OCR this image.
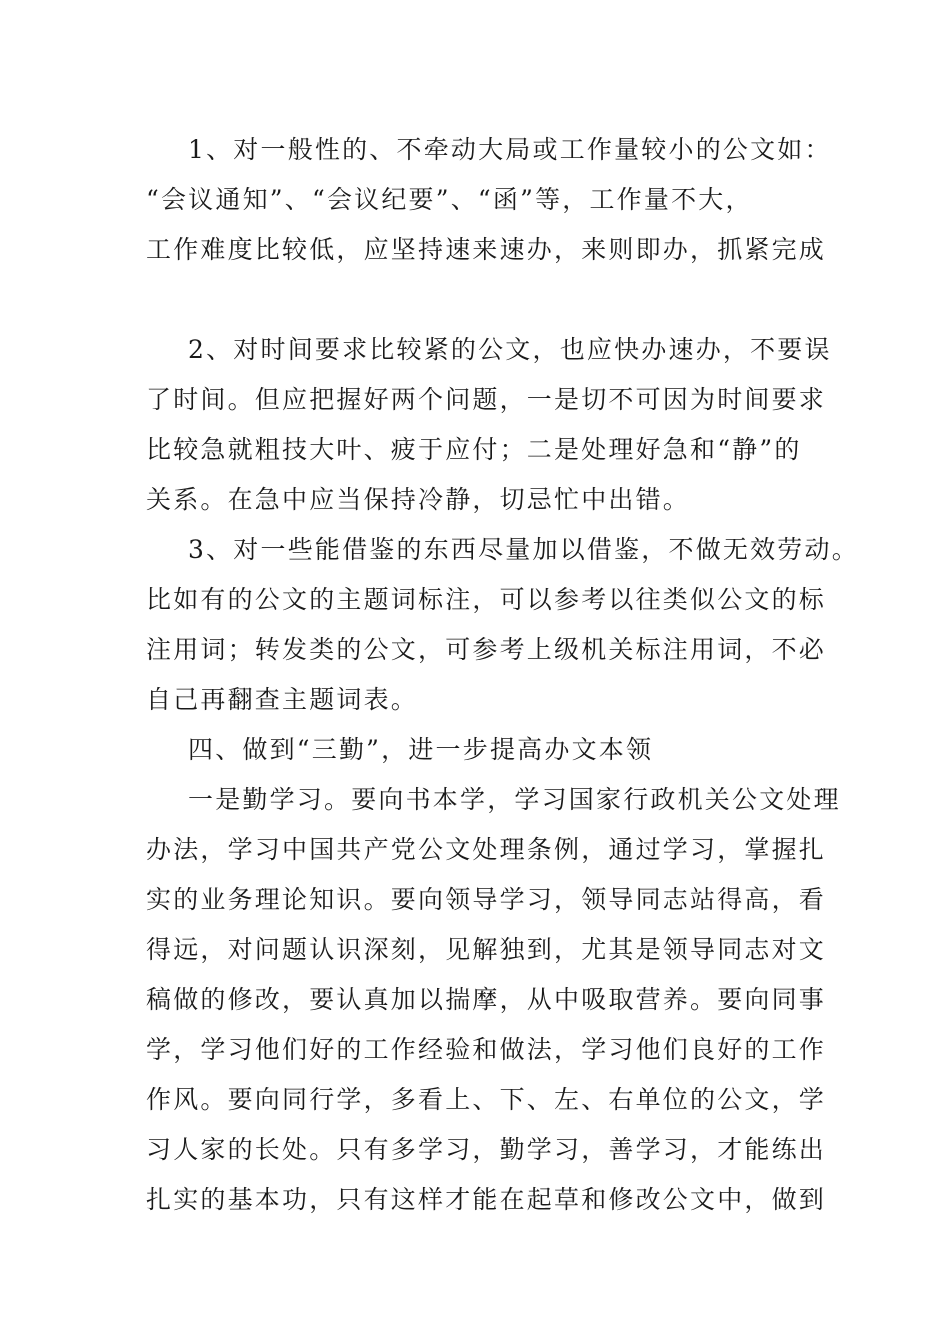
1、对一般性的、不牵动大局或工作量较小的公文如：
“会议通知”、“会议纪要”、“函”等，工作量不大，
工作难度比较低，应坚持速来速办，来则即办，抓紧完成
2、对时间要求比较紧的公文，也应快办速办，不要误
了时间。但应把握好两个问题，一是切不可因为时间要求
比较急就粗技大叶、疲于应付；二是处理好急和“静”的
关系。在急中应当保持冷静，切忌忙中出错。
3、对一些能借鉴的东西尽量加以借鉴，不做无效劳动。
比如有的公文的主题词标注，可以参考以往类似公文的标
注用词；转发类的公文，可参考上级机关标注用词，不必
自己再翻查主题词表。
四、做到“三勤”，进一步提高办文本领
一是勤学习。要向书本学，学习国家行政机关公文处理
办法，学习中国共产党公文处理条例，通过学习，掌握扎
实的业务理论知识。要向领导学习，领导同志站得高，看
得远，对问题认识深刻，见解独到，尤其是领导同志对文
稿做的修改，要认真加以揣摩，从中吸取营养。要向同事
学，学习他们好的工作经验和做法，学习他们良好的工作
作风。要向同行学，多看上、下、左、右单位的公文，学
习人家的长处。只有多学习，勤学习，善学习，才能练出
扎实的基本功，只有这样才能在起草和修改公文中，做到
